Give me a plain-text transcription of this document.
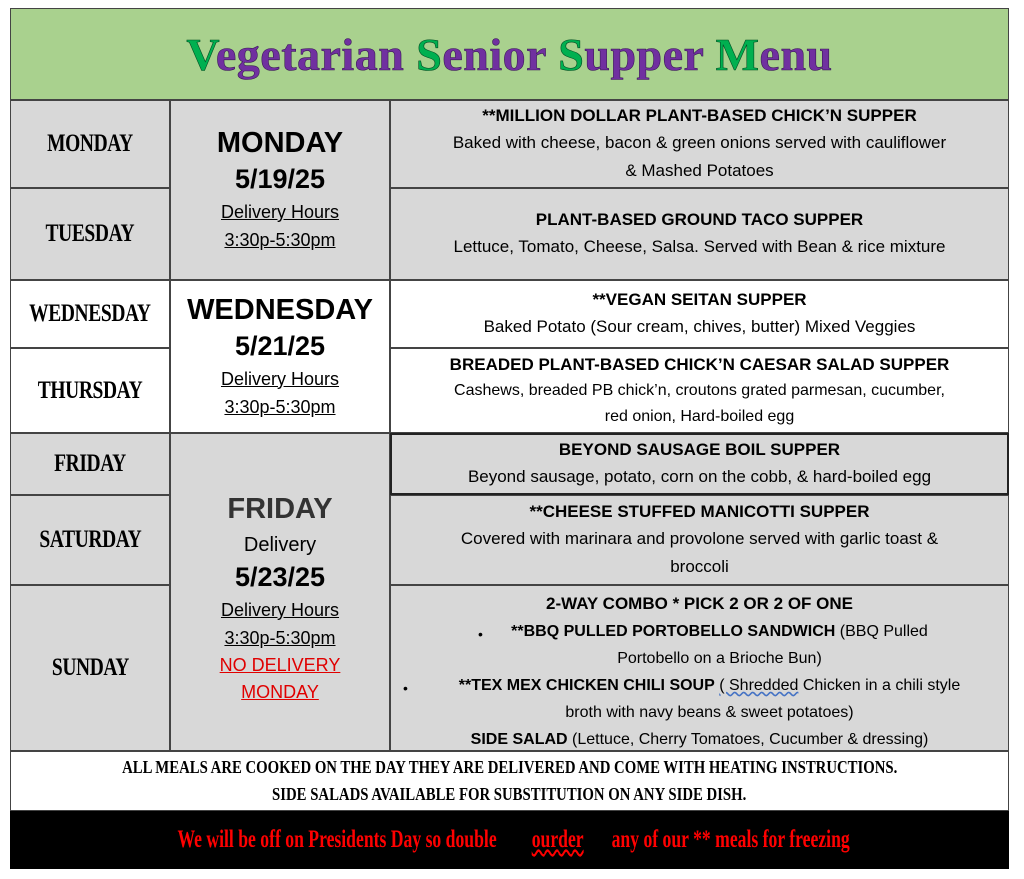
Vegetarian Senior Supper Menu
MONDAY
TUESDAY
WEDNESDAY
THURSDAY
FRIDAY
SATURDAY
SUNDAY
MONDAY
5/19/25
Delivery Hours
3:30p-5:30pm
WEDNESDAY
5/21/25
Delivery Hours
3:30p-5:30pm
FRIDAY
Delivery
5/23/25
Delivery Hours
3:30p-5:30pm
NO DELIVERY
MONDAY
**MILLION DOLLAR PLANT-BASED CHICK’N SUPPER
Baked with cheese, bacon & green onions served with cauliflower
& Mashed Potatoes
PLANT-BASED GROUND TACO SUPPER
Lettuce, Tomato, Cheese, Salsa. Served with Bean & rice mixture
**VEGAN SEITAN SUPPER
Baked Potato (Sour cream, chives, butter) Mixed Veggies
BREADED PLANT-BASED CHICK’N CAESAR SALAD SUPPER
Cashews, breaded PB chick’n, croutons grated parmesan, cucumber,
red onion, Hard-boiled egg
BEYOND SAUSAGE BOIL SUPPER
Beyond sausage, potato, corn on the cobb, & hard-boiled egg
**CHEESE STUFFED MANICOTTI SUPPER
Covered with marinara and provolone served with garlic toast &
broccoli
2-WAY COMBO * PICK 2 OR 2 OF ONE
•	**BBQ PULLED PORTOBELLO SANDWICH (BBQ Pulled
Portobello on a Brioche Bun)
•	**TEX MEX CHICKEN CHILI SOUP ( Shredded Chicken in a chili style
broth with navy beans & sweet potatoes)
SIDE SALAD (Lettuce, Cherry Tomatoes, Cucumber & dressing)
ALL MEALS ARE COOKED ON THE DAY THEY ARE DELIVERED AND COME WITH HEATING INSTRUCTIONS.
SIDE SALADS AVAILABLE FOR SUBSTITUTION ON ANY SIDE DISH.
We will be off on Presidents Day so doubleourderany of our ** meals for freezing
